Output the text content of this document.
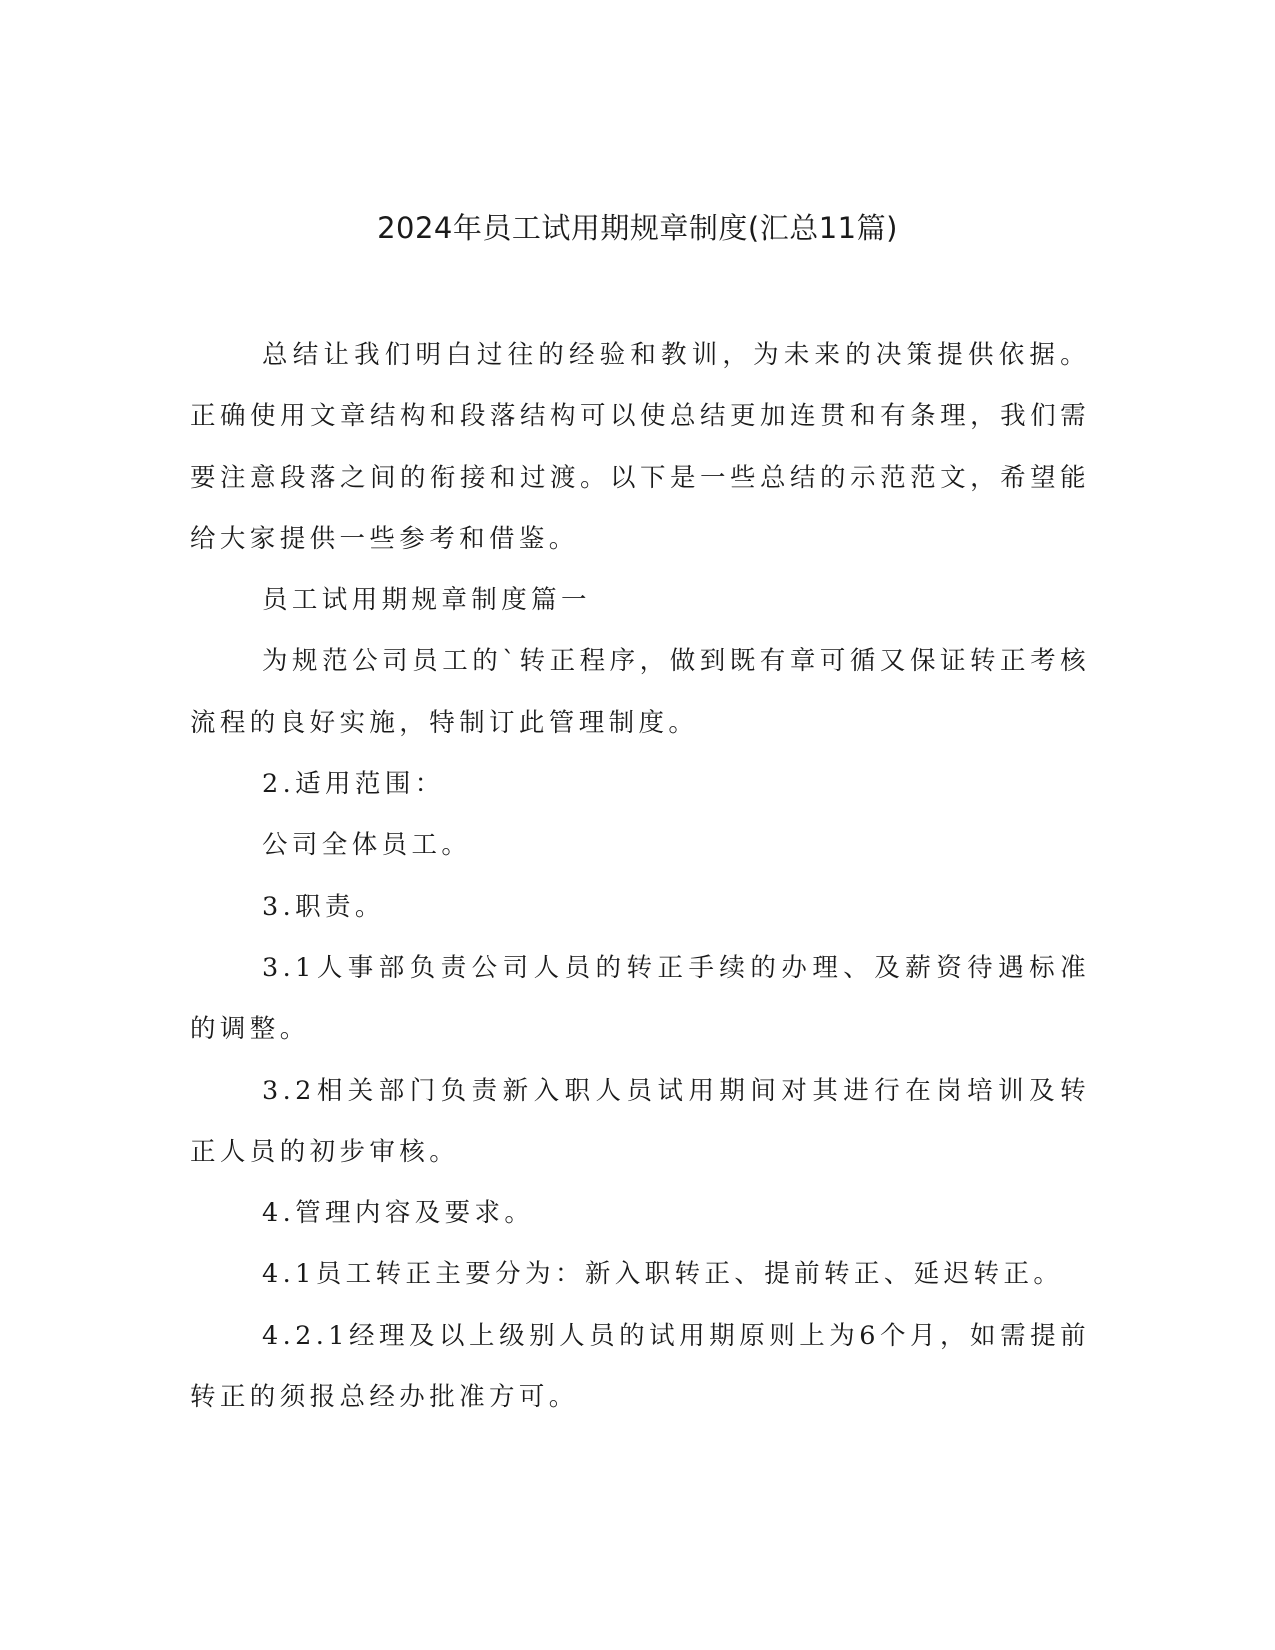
2024年员工试用期规章制度(汇总11篇)

总结让我们明白过往的经验和教训，为未来的决策提供依据。正确使用文章结构和段落结构可以使总结更加连贯和有条理，我们需要注意段落之间的衔接和过渡。以下是一些总结的示范范文，希望能给大家提供一些参考和借鉴。

员工试用期规章制度篇一

为规范公司员工的`转正程序，做到既有章可循又保证转正考核流程的良好实施，特制订此管理制度。

2.适用范围：

公司全体员工。

3.职责。

3.1人事部负责公司人员的转正手续的办理、及薪资待遇标准的调整。

3.2相关部门负责新入职人员试用期间对其进行在岗培训及转正人员的初步审核。

4.管理内容及要求。

4.1员工转正主要分为：新入职转正、提前转正、延迟转正。

4.2.1经理及以上级别人员的试用期原则上为6个月，如需提前转正的须报总经办批准方可。
